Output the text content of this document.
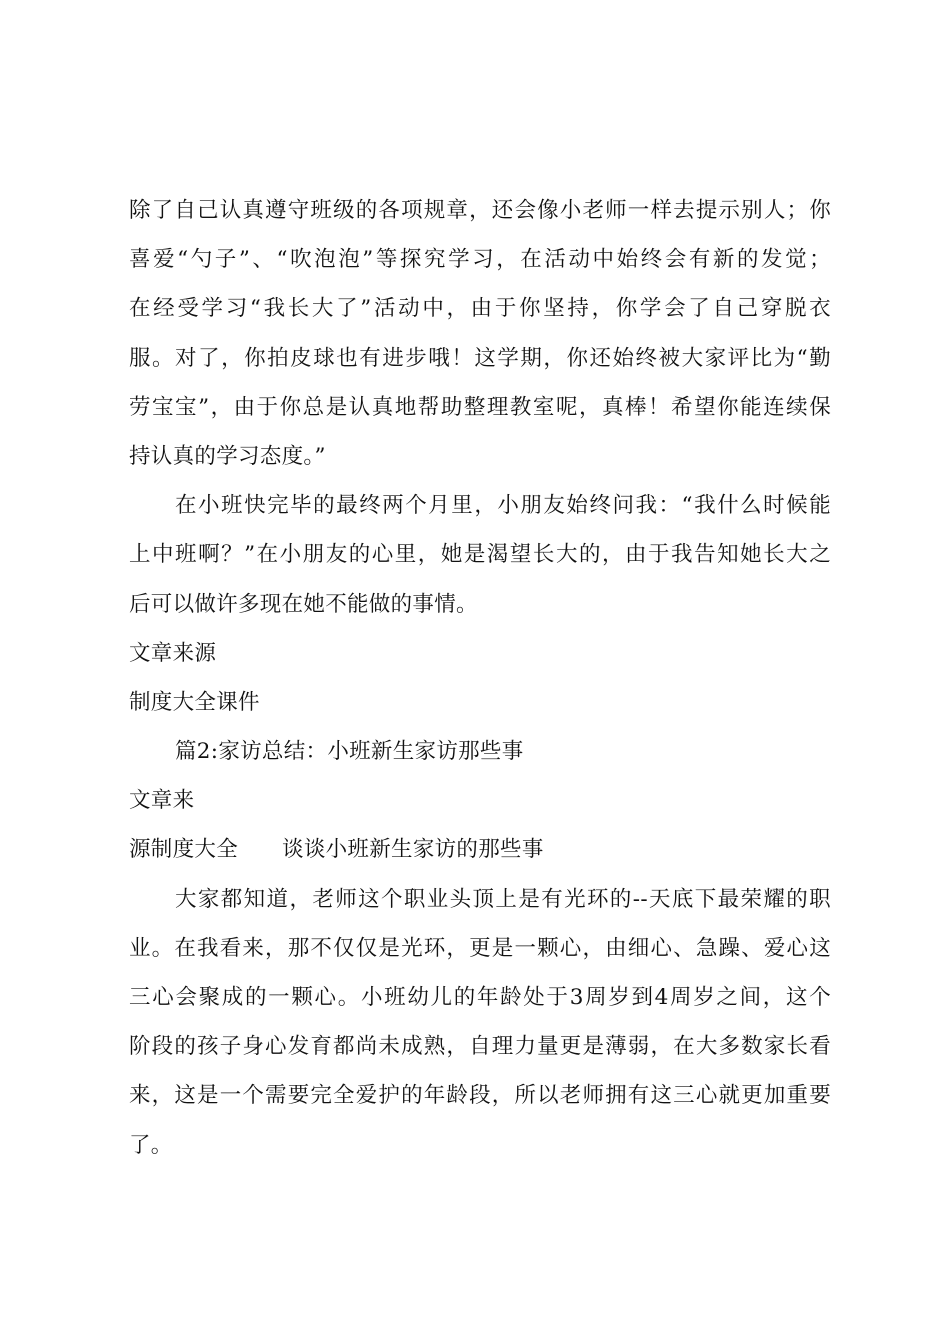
除了自己认真遵守班级的各项规章，还会像小老师一样去提示别人；你
喜爱“勺子”、“吹泡泡”等探究学习，在活动中始终会有新的发觉；
在经受学习“我长大了”活动中，由于你坚持，你学会了自己穿脱衣
服。对了，你拍皮球也有进步哦！这学期，你还始终被大家评比为“勤
劳宝宝”，由于你总是认真地帮助整理教室呢，真棒！希望你能连续保
持认真的学习态度。”
在小班快完毕的最终两个月里，小朋友始终问我：“我什么时候能
上中班啊？”在小朋友的心里，她是渴望长大的，由于我告知她长大之
后可以做许多现在她不能做的事情。
文章来源
制度大全课件
篇2:家访总结：小班新生家访那些事
文章来
源制度大全 谈谈小班新生家访的那些事
大家都知道，老师这个职业头顶上是有光环的--天底下最荣耀的职
业。在我看来，那不仅仅是光环，更是一颗心，由细心、急躁、爱心这
三心会聚成的一颗心。小班幼儿的年龄处于3周岁到4周岁之间，这个
阶段的孩子身心发育都尚未成熟，自理力量更是薄弱，在大多数家长看
来，这是一个需要完全爱护的年龄段，所以老师拥有这三心就更加重要
了。
